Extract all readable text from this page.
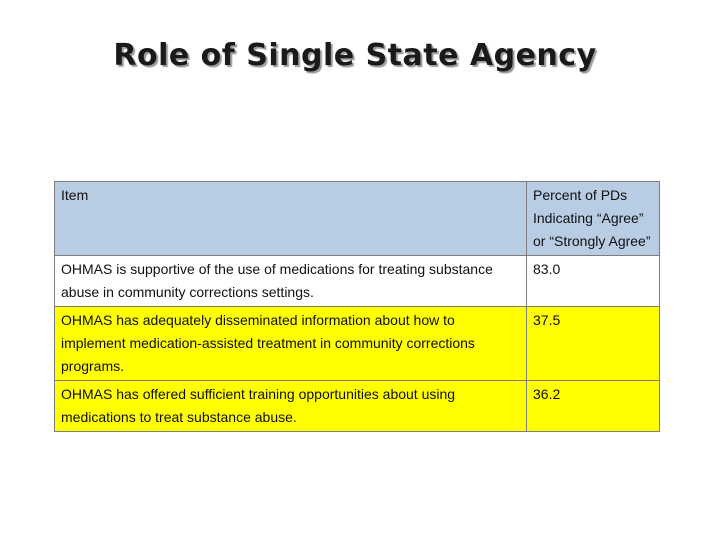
Role of Single State Agency
Item	Percent of PDs Indicating “Agree” or “Strongly Agree”
OHMAS is supportive of the use of medications for treating substance abuse in community corrections settings.	83.0
OHMAS has adequately disseminated information about how to implement medication-assisted treatment in community corrections programs.	37.5
OHMAS has offered sufficient training opportunities about using medications to treat substance abuse.	36.2
